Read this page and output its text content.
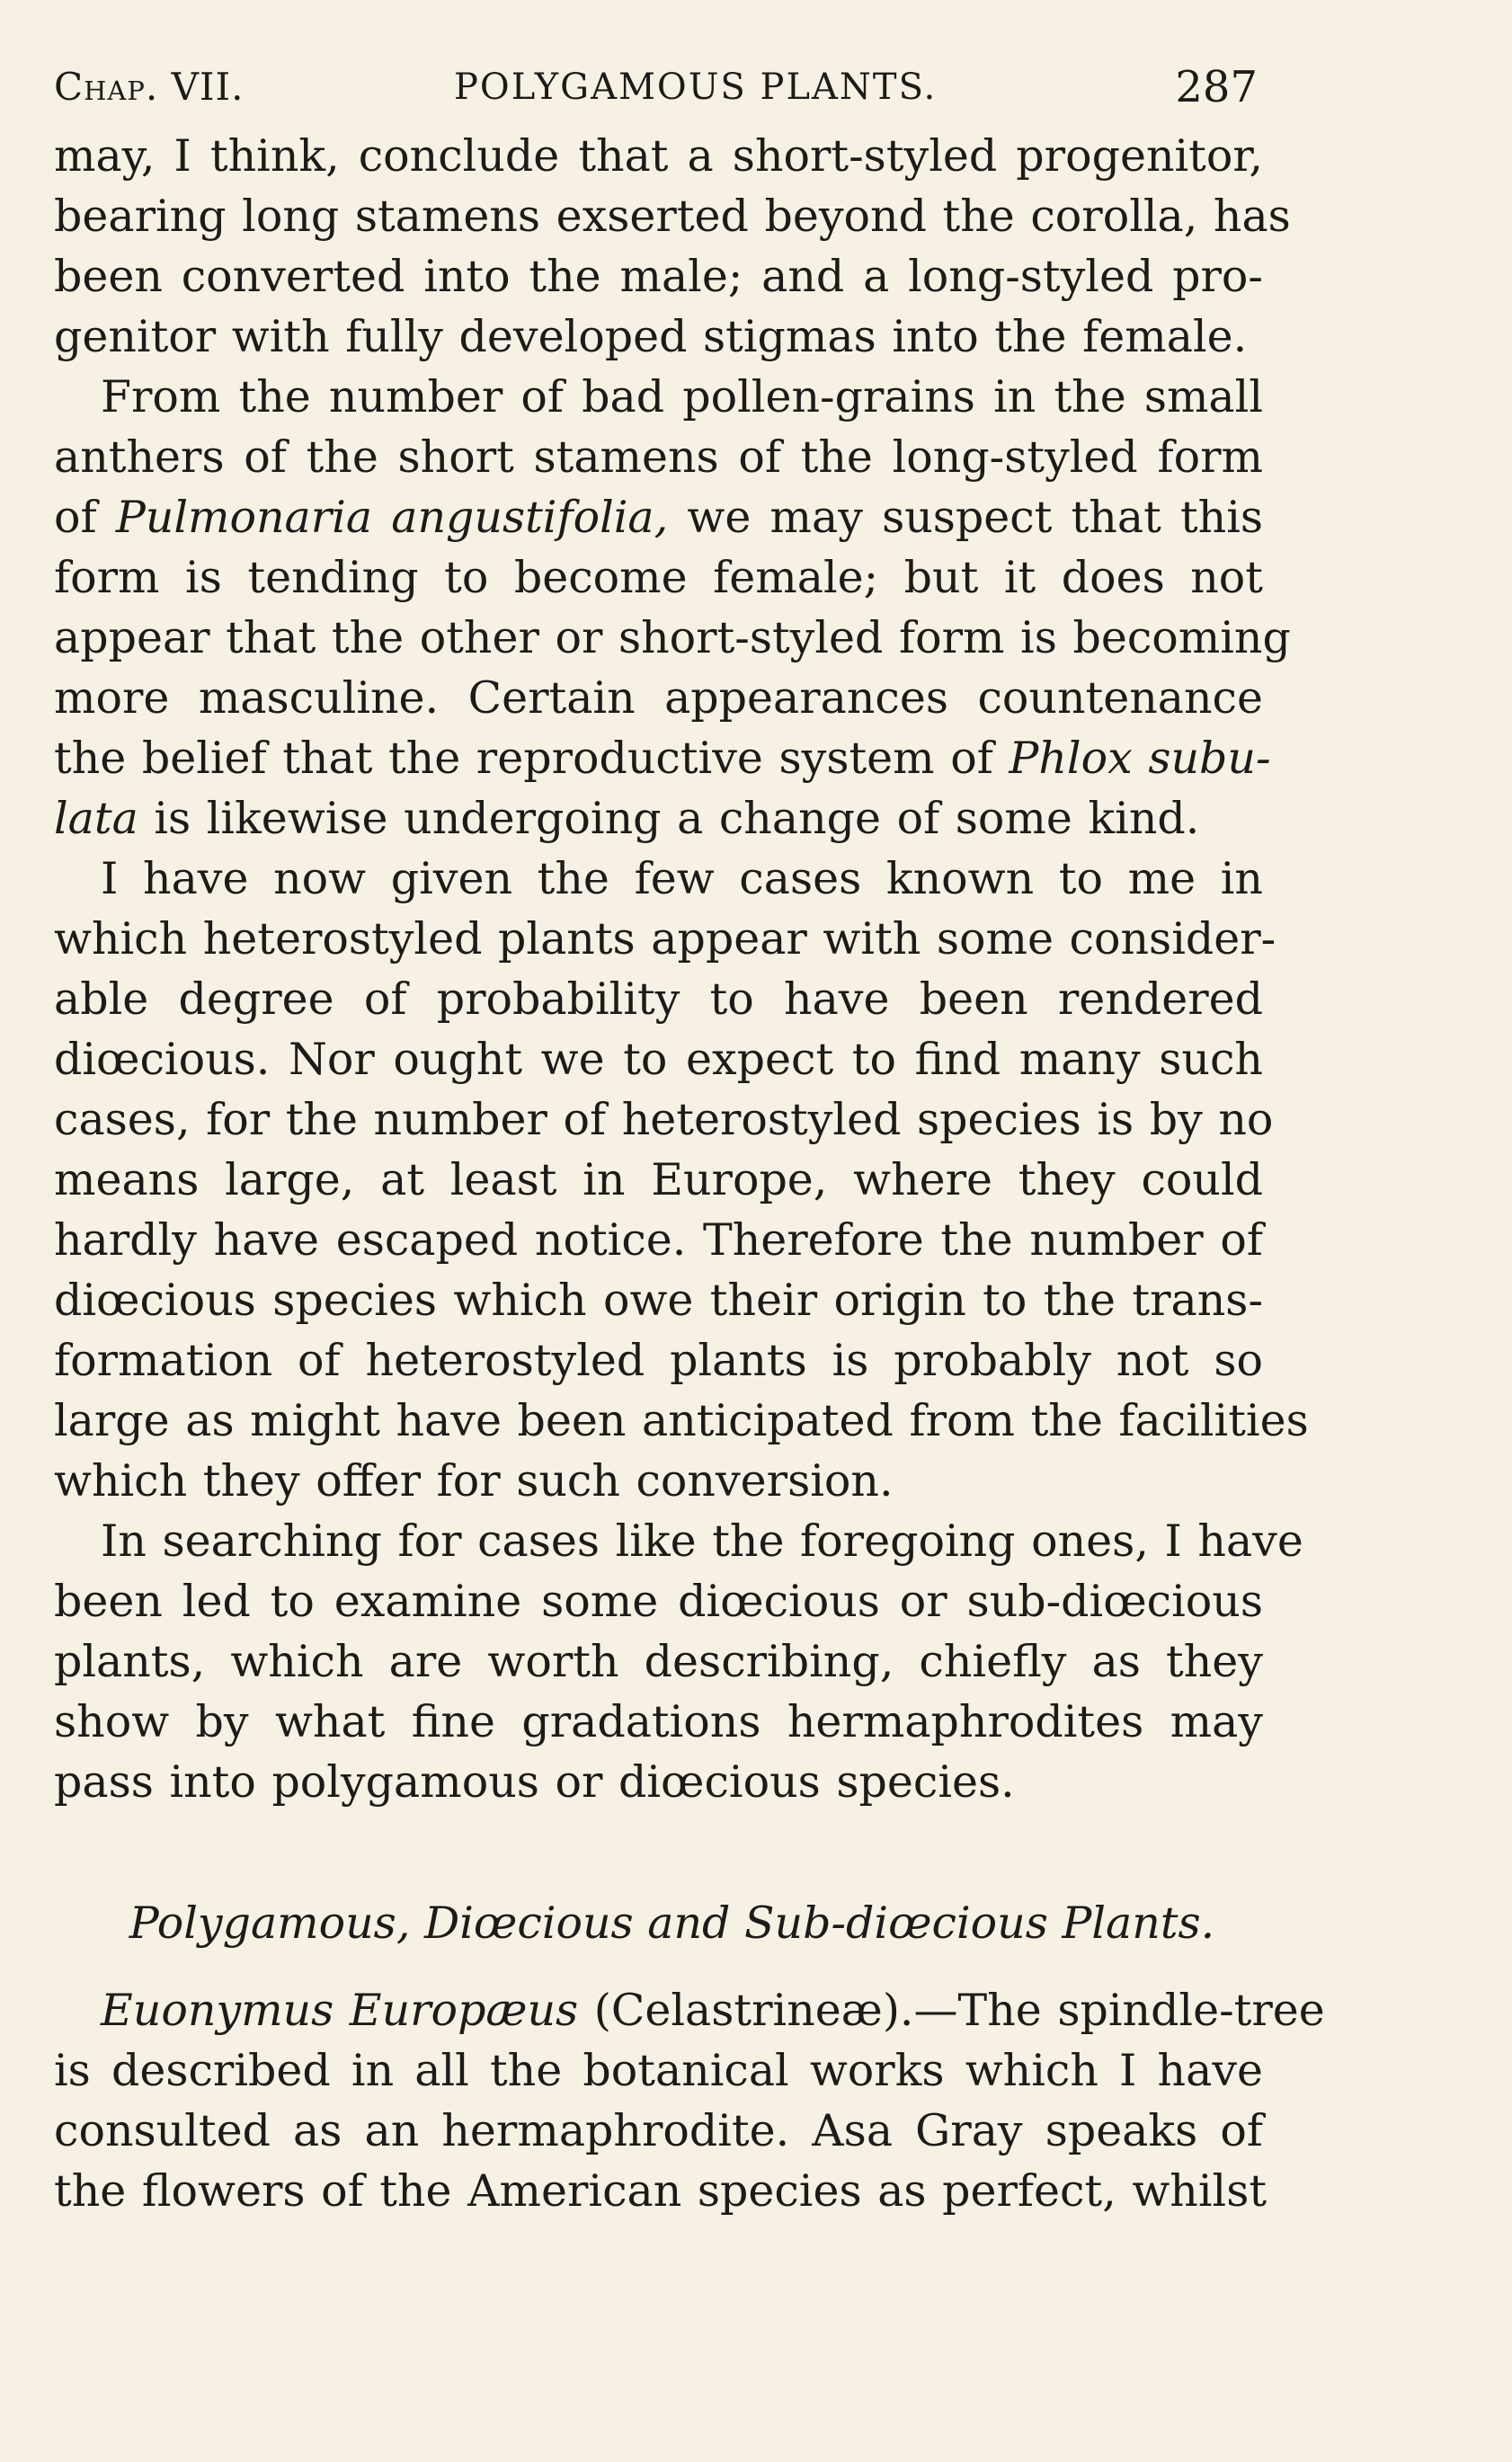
Chap. VII.	POLYGAMOUS PLANTS.	287

may, I think, conclude that a short-styled progenitor,
bearing long stamens exserted beyond the corolla, has
been converted into the male; and a long-styled pro-
genitor with fully developed stigmas into the female.

From the number of bad pollen-grains in the small
anthers of the short stamens of the long-styled form
of Pulmonaria angustifolia, we may suspect that this
form is tending to become female; but it does not
appear that the other or short-styled form is becoming
more masculine. Certain appearances countenance
the belief that the reproductive system of Phlox subu-
lata is likewise undergoing a change of some kind.

I have now given the few cases known to me in
which heterostyled plants appear with some consider-
able degree of probability to have been rendered
diœcious. Nor ought we to expect to find many such
cases, for the number of heterostyled species is by no
means large, at least in Europe, where they could
hardly have escaped notice. Therefore the number of
diœcious species which owe their origin to the trans-
formation of heterostyled plants is probably not so
large as might have been anticipated from the facilities
which they offer for such conversion.

In searching for cases like the foregoing ones, I have
been led to examine some diœcious or sub-diœcious
plants, which are worth describing, chiefly as they
show by what fine gradations hermaphrodites may
pass into polygamous or diœcious species.

Polygamous, Diœcious and Sub-diœcious Plants.

Euonymus Europæus (Celastrineæ).—The spindle-tree
is described in all the botanical works which I have
consulted as an hermaphrodite. Asa Gray speaks of
the flowers of the American species as perfect, whilst
